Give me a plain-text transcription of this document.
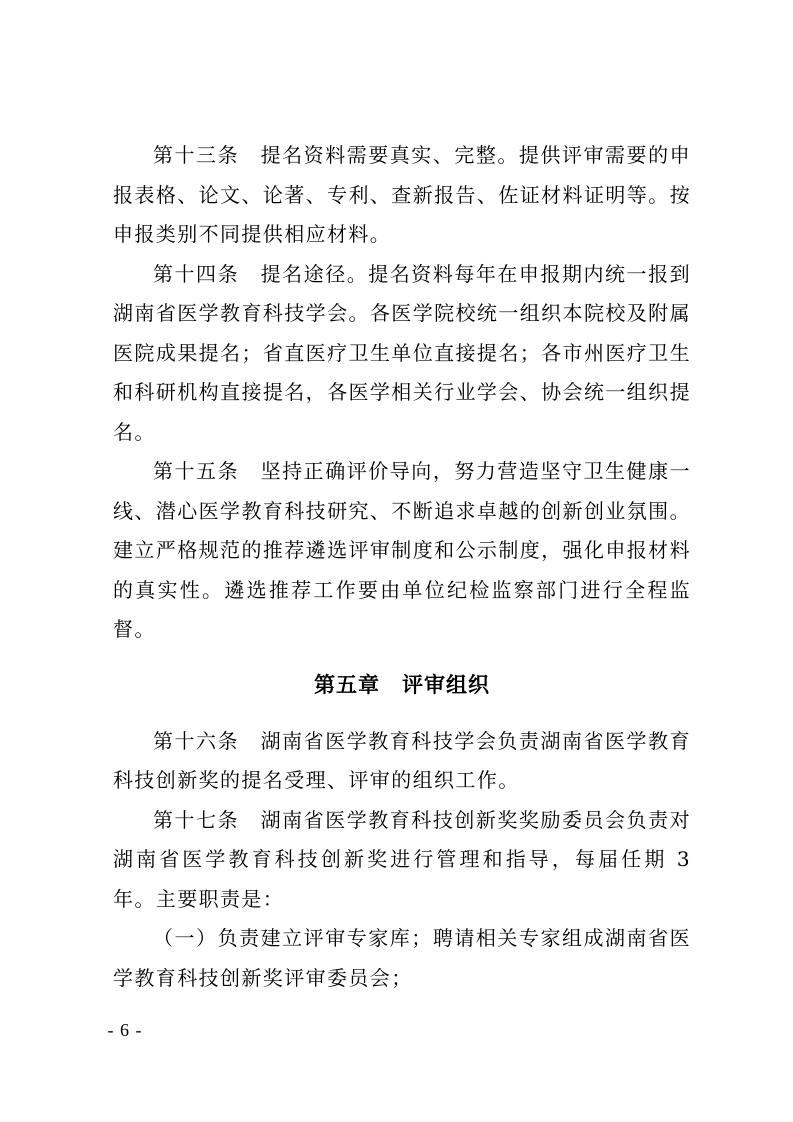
第十三条　提名资料需要真实、完整。提供评审需要的申报表格、论文、论著、专利、查新报告、佐证材料证明等。按申报类别不同提供相应材料。

第十四条　提名途径。提名资料每年在申报期内统一报到湖南省医学教育科技学会。各医学院校统一组织本院校及附属医院成果提名；省直医疗卫生单位直接提名；各市州医疗卫生和科研机构直接提名，各医学相关行业学会、协会统一组织提名。

第十五条　坚持正确评价导向，努力营造坚守卫生健康一线、潜心医学教育科技研究、不断追求卓越的创新创业氛围。建立严格规范的推荐遴选评审制度和公示制度，强化申报材料的真实性。遴选推荐工作要由单位纪检监察部门进行全程监督。

第五章　评审组织

第十六条　湖南省医学教育科技学会负责湖南省医学教育科技创新奖的提名受理、评审的组织工作。

第十七条　湖南省医学教育科技创新奖奖励委员会负责对湖南省医学教育科技创新奖进行管理和指导，每届任期 3 年。主要职责是：

（一）负责建立评审专家库；聘请相关专家组成湖南省医学教育科技创新奖评审委员会；

- 6 -
